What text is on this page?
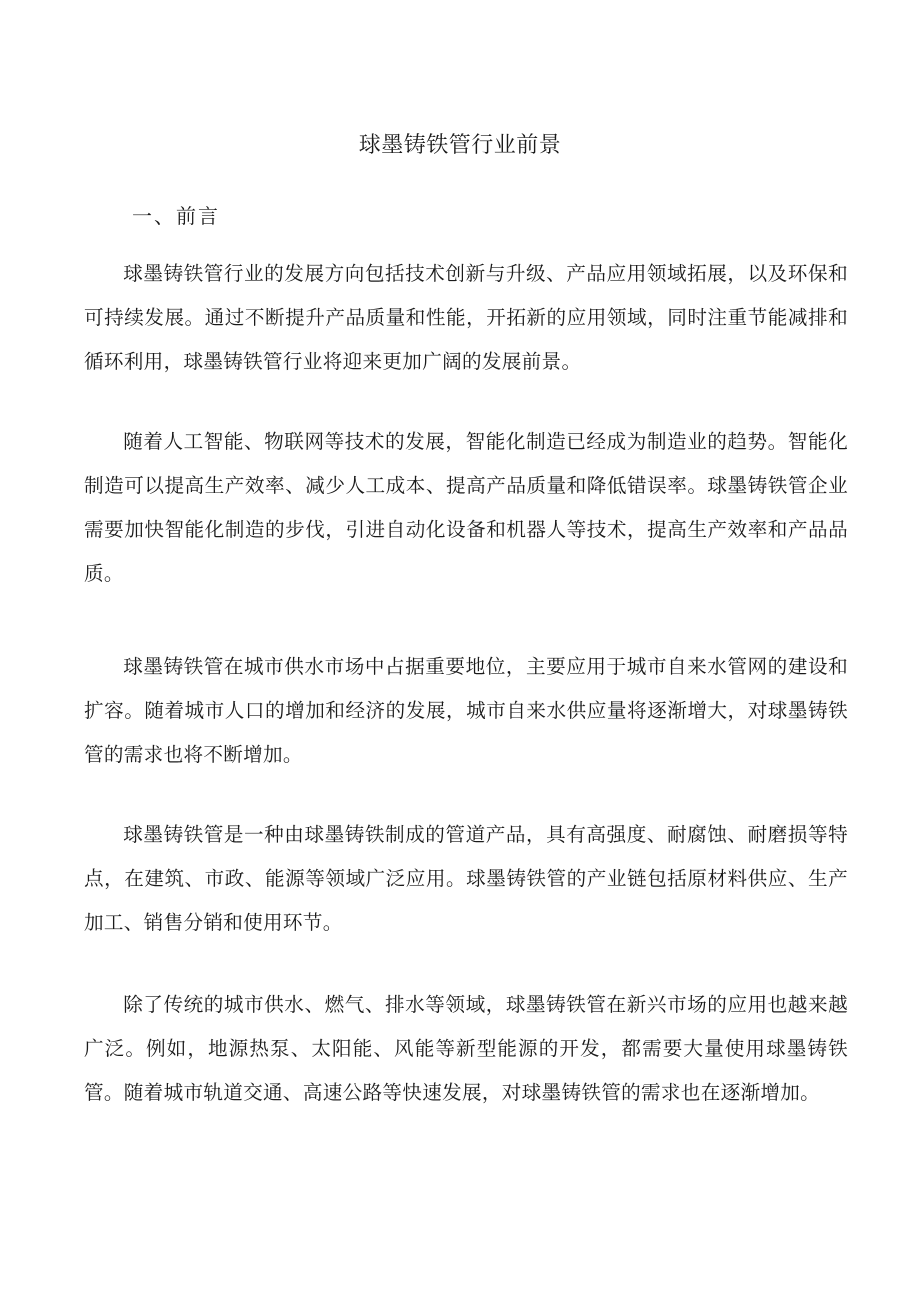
球墨铸铁管行业前景
一、前言

球墨铸铁管行业的发展方向包括技术创新与升级、产品应用领域拓展，以及环保和可持续发展。通过不断提升产品质量和性能，开拓新的应用领域，同时注重节能减排和循环利用，球墨铸铁管行业将迎来更加广阔的发展前景。

随着人工智能、物联网等技术的发展，智能化制造已经成为制造业的趋势。智能化制造可以提高生产效率、减少人工成本、提高产品质量和降低错误率。球墨铸铁管企业需要加快智能化制造的步伐，引进自动化设备和机器人等技术，提高生产效率和产品品质。

球墨铸铁管在城市供水市场中占据重要地位，主要应用于城市自来水管网的建设和扩容。随着城市人口的增加和经济的发展，城市自来水供应量将逐渐增大，对球墨铸铁管的需求也将不断增加。

球墨铸铁管是一种由球墨铸铁制成的管道产品，具有高强度、耐腐蚀、耐磨损等特点，在建筑、市政、能源等领域广泛应用。球墨铸铁管的产业链包括原材料供应、生产加工、销售分销和使用环节。

除了传统的城市供水、燃气、排水等领域，球墨铸铁管在新兴市场的应用也越来越广泛。例如，地源热泵、太阳能、风能等新型能源的开发，都需要大量使用球墨铸铁管。随着城市轨道交通、高速公路等快速发展，对球墨铸铁管的需求也在逐渐增加。
